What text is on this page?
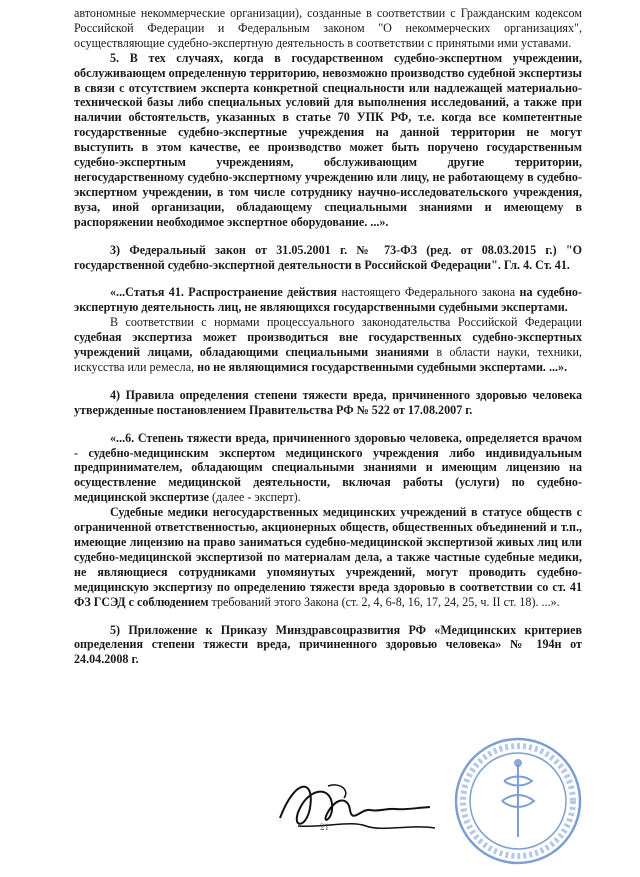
автономные некоммерческие организации), созданные в соответствии с Гражданским кодексом Российской Федерации и Федеральным законом "О некоммерческих организациях", осуществляющие судебно-экспертную деятельность в соответствии с принятыми ими уставами.

5. В тех случаях, когда в государственном судебно-экспертном учреждении, обслуживающем определенную территорию, невозможно производство судебной экспертизы в связи с отсутствием эксперта конкретной специальности или надлежащей материально-технической базы либо специальных условий для выполнения исследований, а также при наличии обстоятельств, указанных в статье 70 УПК РФ, т.е. когда все компетентные государственные судебно-экспертные учреждения на данной территории не могут выступить в этом качестве, ее производство может быть поручено государственным судебно-экспертным учреждениям, обслуживающим другие территории, негосударственному судебно-экспертному учреждению или лицу, не работающему в судебно-экспертном учреждении, в том числе сотруднику научно-исследовательского учреждения, вуза, иной организации, обладающему специальными знаниями и имеющему в распоряжении необходимое экспертное оборудование. ...».

3) Федеральный закон от 31.05.2001 г. № 73-ФЗ (ред. от 08.03.2015 г.) "О государственной судебно-экспертной деятельности в Российской Федерации". Гл. 4. Ст. 41.

«...Статья 41. Распространение действия настоящего Федерального закона на судебно-экспертную деятельность лиц, не являющихся государственными судебными экспертами.

В соответствии с нормами процессуального законодательства Российской Федерации судебная экспертиза может производиться вне государственных судебно-экспертных учреждений лицами, обладающими специальными знаниями в области науки, техники, искусства или ремесла, но не являющимися государственными судебными экспертами. ...».

4) Правила определения степени тяжести вреда, причиненного здоровью человека утвержденные постановлением Правительства РФ № 522 от 17.08.2007 г.

«...6. Степень тяжести вреда, причиненного здоровью человека, определяется врачом - судебно-медицинским экспертом медицинского учреждения либо индивидуальным предпринимателем, обладающим специальными знаниями и имеющим лицензию на осуществление медицинской деятельности, включая работы (услуги) по судебно-медицинской экспертизе (далее - эксперт).

Судебные медики негосударственных медицинских учреждений в статусе обществ с ограниченной ответственностью, акционерных обществ, общественных объединений и т.п., имеющие лицензию на право заниматься судебно-медицинской экспертизой живых лиц или судебно-медицинской экспертизой по материалам дела, а также частные судебные медики, не являющиеся сотрудниками упомянутых учреждений, могут проводить судебно-медицинскую экспертизу по определению тяжести вреда здоровью в соответствии со ст. 41 ФЗ ГСЭД с соблюдением требований этого Закона (ст. 2, 4, 6-8, 16, 17, 24, 25, ч. II ст. 18). ...».

5) Приложение к Приказу Минздравсоцразвития РФ «Медицинских критериев определения степени тяжести вреда, причиненного здоровью человека» № 194н от 24.04.2008 г.

21
